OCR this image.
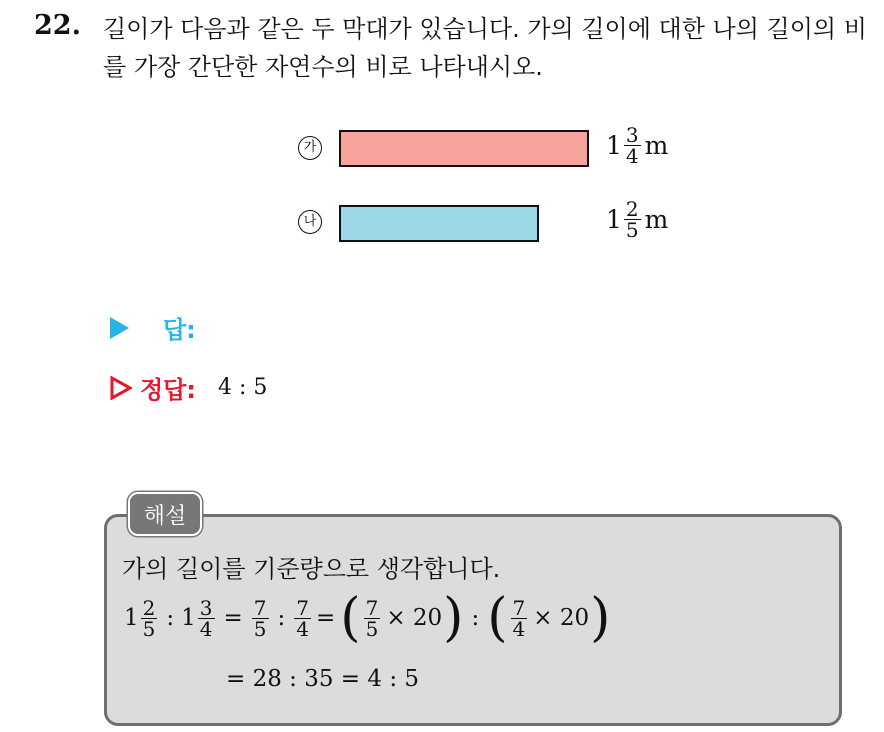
22. 길이가 다음과 같은 두 막대가 있습니다. 가의 길이에 대한 나의 길이의 비를 가장 간단한 자연수의 비로 나타내시오.
가	$1 \frac{3}{4}$ m
나	$1 \frac{2}{5}$ m
답:
정답: 4 : 5
해설
가의 길이를 기준량으로 생각합니다.
$1 \frac{2}{5}$ : $1 \frac{3}{4} = \frac{7}{5}$ : $\frac{7}{4}$ = ( $\frac{7}{5} \times 20$ ) : ( $\frac{7}{4} \times 20$ )
= 28 : 35 = 4 : 5
